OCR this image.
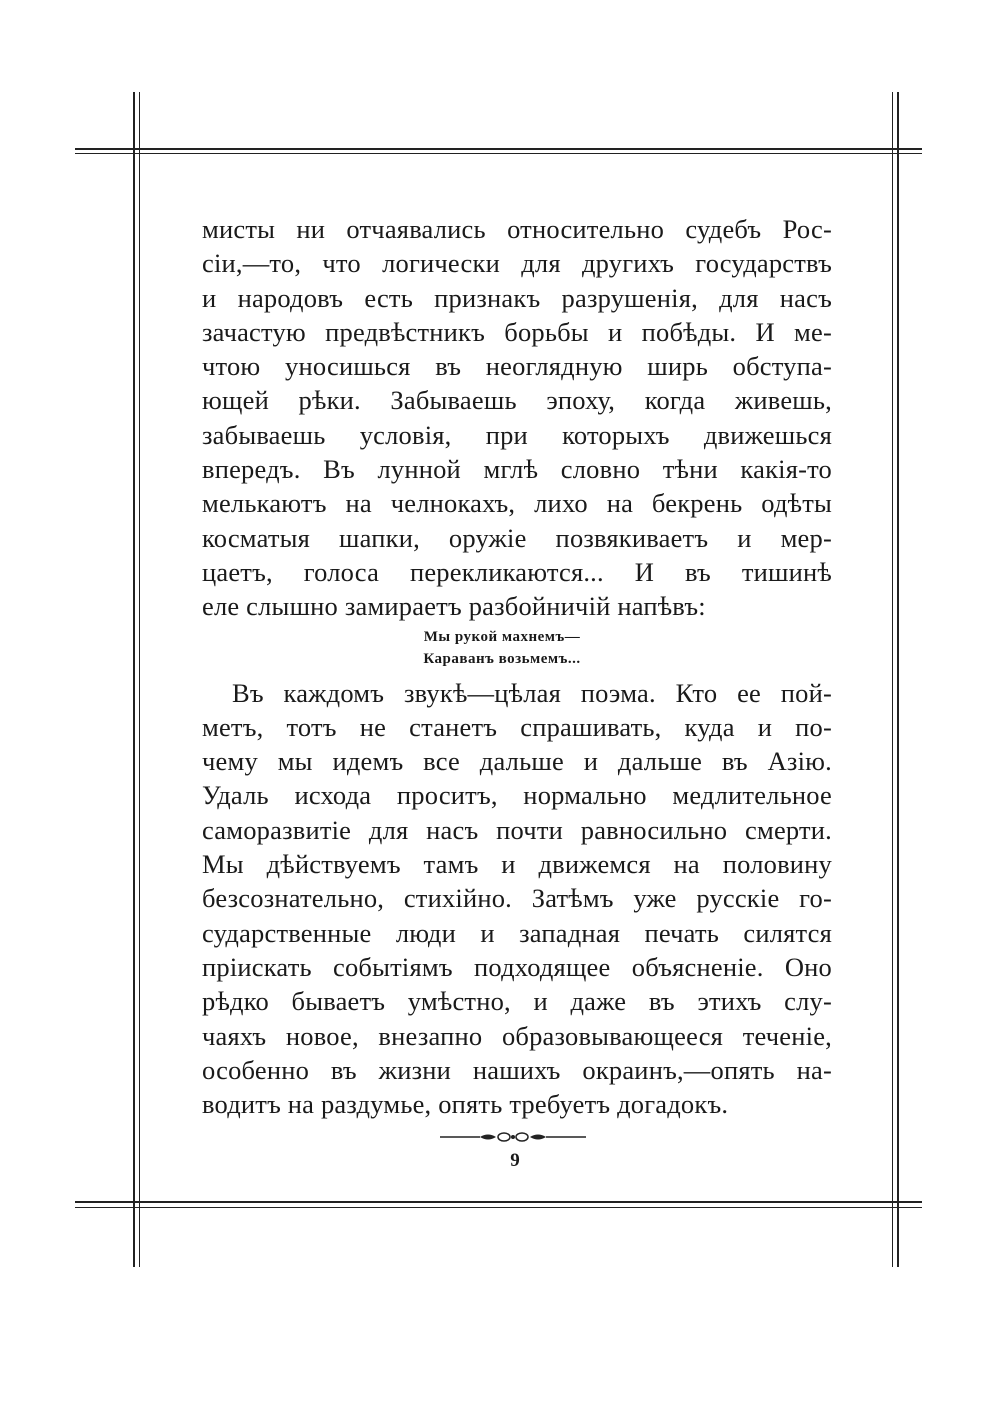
мисты ни отчаявались относительно судебъ Рос-
сіи,—то, что логически для другихъ государствъ
и народовъ есть признакъ разрушенія, для насъ
зачастую предвѣстникъ борьбы и побѣды. И ме-
чтою уносишься въ неоглядную ширь обступа-
ющей рѣки. Забываешь эпоху, когда живешь,
забываешь условія, при которыхъ движешься
впередъ. Въ лунной мглѣ словно тѣни какія-то
мелькаютъ на челнокахъ, лихо на бекрень одѣты
косматыя шапки, оружіе позвякиваетъ и мер-
цаетъ, голоса перекликаются... И въ тишинѣ
еле слышно замираетъ разбойничій напѣвъ:
Мы рукой махнемъ—
Караванъ возьмемъ...
Въ каждомъ звукѣ—цѣлая поэма. Кто ее пой-
метъ, тотъ не станетъ спрашивать, куда и по-
чему мы идемъ все дальше и дальше въ Азію.
Удаль исхода проситъ, нормально медлительное
саморазвитіе для насъ почти равносильно смерти.
Мы дѣйствуемъ тамъ и движемся на половину
безсознательно, стихійно. Затѣмъ уже русскіе го-
сударственные люди и западная печать силятся
пріискать событіямъ подходящее объясненіе. Оно
рѣдко бываетъ умѣстно, и даже въ этихъ слу-
чаяхъ новое, внезапно образовывающееся теченіе,
особенно въ жизни нашихъ окраинъ,—опять на-
водитъ на раздумье, опять требуетъ догадокъ.
9
